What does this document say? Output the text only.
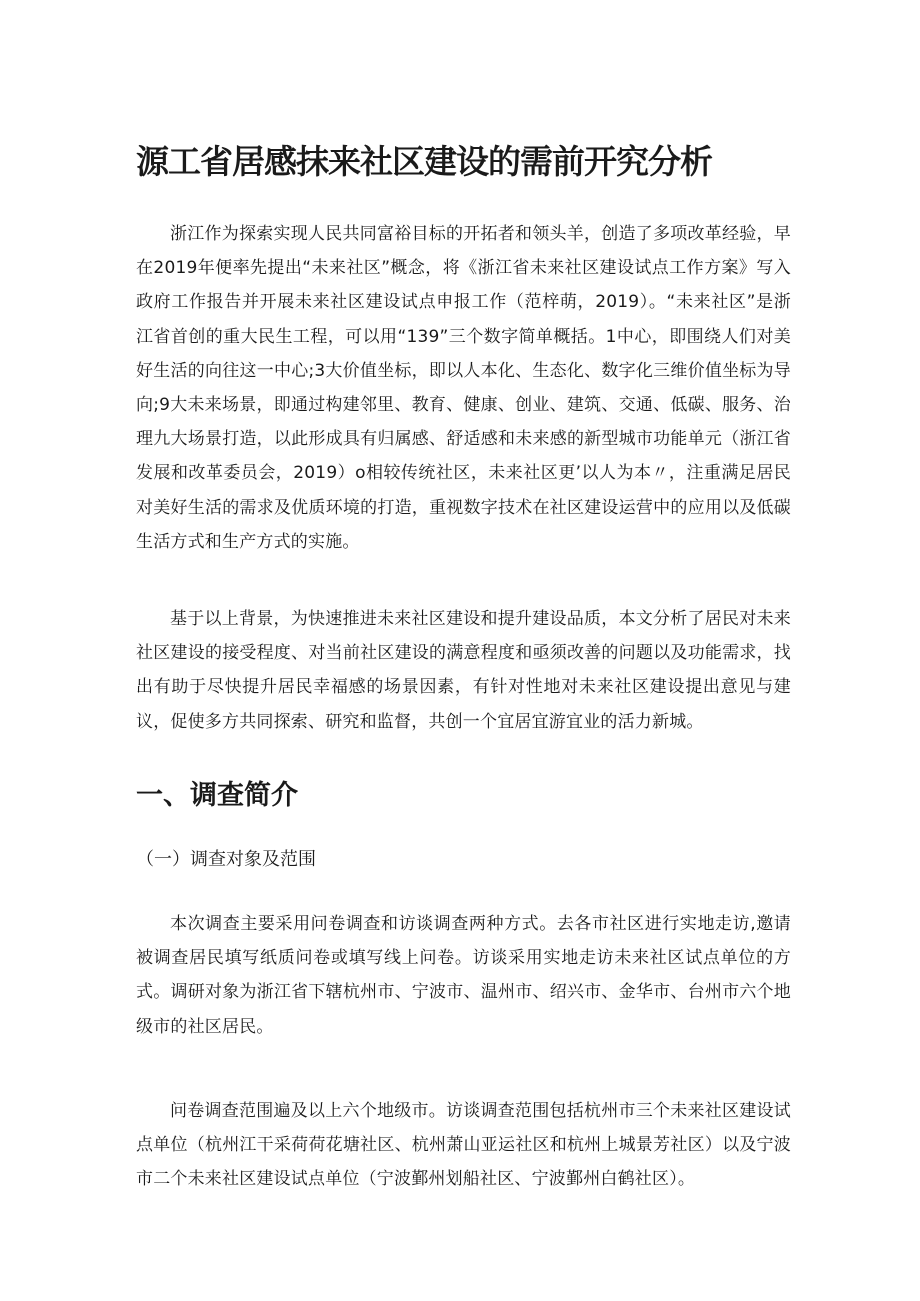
源工省居感抹来社区建设的需前开究分析

浙江作为探索实现人民共同富裕目标的开拓者和领头羊，创造了多项改革经验，早在2019年便率先提出“未来社区”概念，将《浙江省未来社区建设试点工作方案》写入政府工作报告并开展未来社区建设试点申报工作（范梓萌，2019）。“未来社区”是浙江省首创的重大民生工程，可以用“139”三个数字简单概括。1中心，即围绕人们对美好生活的向往这一中心;3大价值坐标，即以人本化、生态化、数字化三维价值坐标为导向;9大未来场景，即通过构建邻里、教育、健康、创业、建筑、交通、低碳、服务、治理九大场景打造，以此形成具有归属感、舒适感和未来感的新型城市功能单元（浙江省发展和改革委员会，2019）o相较传统社区，未来社区更’以人为本〃，注重满足居民对美好生活的需求及优质环境的打造，重视数字技术在社区建设运营中的应用以及低碳生活方式和生产方式的实施。

基于以上背景，为快速推进未来社区建设和提升建设品质，本文分析了居民对未来社区建设的接受程度、对当前社区建设的满意程度和亟须改善的问题以及功能需求，找出有助于尽快提升居民幸福感的场景因素，有针对性地对未来社区建设提出意见与建议，促使多方共同探索、研究和监督，共创一个宜居宜游宜业的活力新城。

一、调查简介
（一）调查对象及范围

本次调查主要采用问卷调查和访谈调查两种方式。去各市社区进行实地走访,邀请被调查居民填写纸质问卷或填写线上问卷。访谈采用实地走访未来社区试点单位的方式。调研对象为浙江省下辖杭州市、宁波市、温州市、绍兴市、金华市、台州市六个地级市的社区居民。

问卷调查范围遍及以上六个地级市。访谈调查范围包括杭州市三个未来社区建设试点单位（杭州江干采荷荷花塘社区、杭州萧山亚运社区和杭州上城景芳社区）以及宁波市二个未来社区建设试点单位（宁波鄞州划船社区、宁波鄞州白鹤社区）。
